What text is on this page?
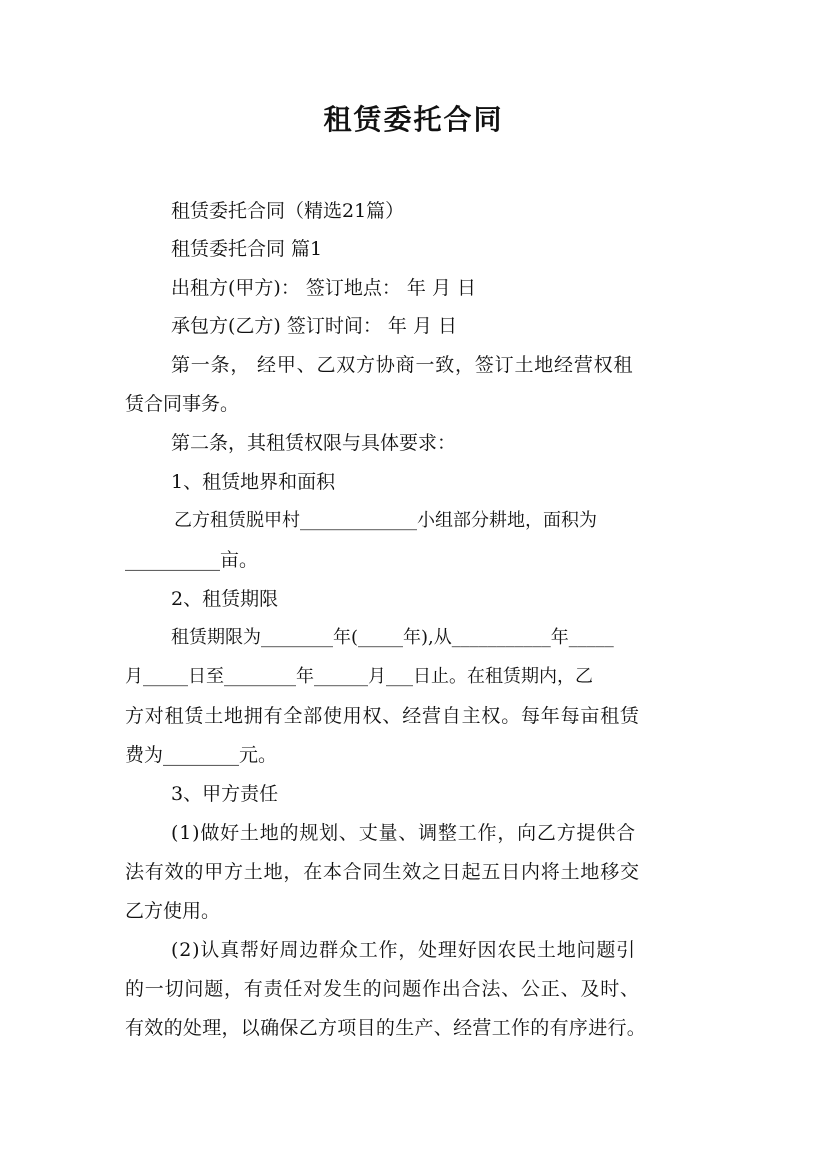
租赁委托合同
租赁委托合同（精选21篇）
租赁委托合同 篇1
出租方(甲方)： 签订地点： 年 月 日
承包方(乙方) 签订时间： 年 月 日
第一条， 经甲、乙双方协商一致，签订土地经营权租
赁合同事务。
第二条，其租赁权限与具体要求：
1、租赁地界和面积
乙方租赁脱甲村_____________小组部分耕地，面积为
__________亩。
2、租赁期限
租赁期限为________年(_____年),从___________年_____
月_____日至________年______月___日止。在租赁期内，乙
方对租赁土地拥有全部使用权、经营自主权。每年每亩租赁
费为________元。
3、甲方责任
(1)做好土地的规划、丈量、调整工作，向乙方提供合
法有效的甲方土地，在本合同生效之日起五日内将土地移交
乙方使用。
(2)认真帮好周边群众工作，处理好因农民土地问题引
的一切问题，有责任对发生的问题作出合法、公正、及时、
有效的处理，以确保乙方项目的生产、经营工作的有序进行。
